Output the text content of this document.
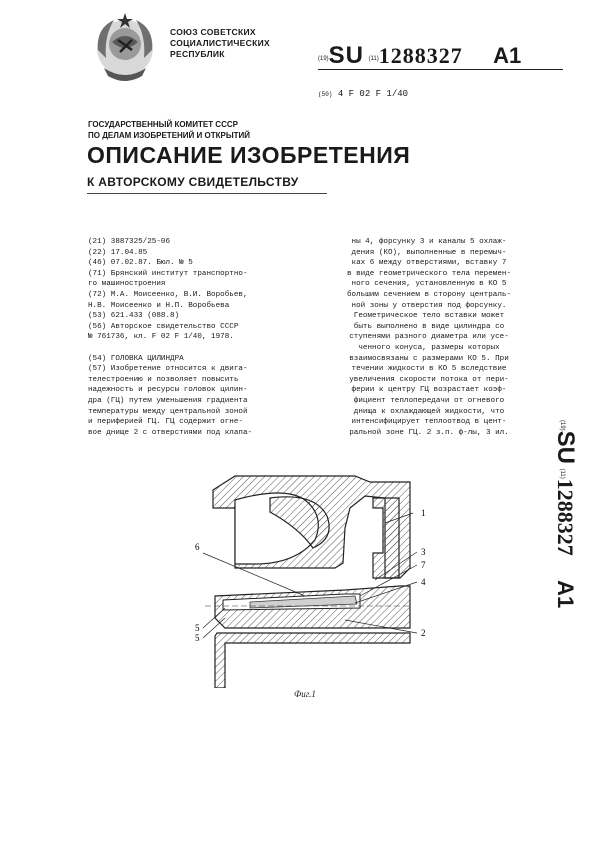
СОЮЗ СОВЕТСКИХ
СОЦИАЛИСТИЧЕСКИХ
РЕСПУБЛИК	(19)SU (11)1288327 A1
(50) 4 F 02 F 1/40
ГОСУДАРСТВЕННЫЙ КОМИТЕТ СССР
ПО ДЕЛАМ ИЗОБРЕТЕНИЙ И ОТКРЫТИЙ
ОПИСАНИЕ ИЗОБРЕТЕНИЯ
К АВТОРСКОМУ СВИДЕТЕЛЬСТВУ
(21) 3887325/25-06
(22) 17.04.85
(46) 07.02.87. Бюл. № 5
(71) Брянский институт транспортно-
го машиностроения
(72) М.А. Моисеенко, В.И. Воробьев,
Н.В. Моисеенко и Н.П. Воробьева
(53) 621.433 (088.8)
(56) Авторское свидетельство СССР
№ 761736, кл. F 02 F 1/40, 1978.
(54) ГОЛОВКА ЦИЛИНДРА
(57) Изобретение относится к двига-
телестроению и позволяет повысить
надежность и ресурсы головок цилин-
дра (ГЦ) путем уменьшения градиента
температуры между центральной зоной
и периферией ГЦ. ГЦ содержит огне-
вое днище 2 с отверстиями под клапа-
ны 4, форсунку 3 и каналы 5 охлаж-
дения (КО), выполненные в перемыч-
ках 6 между отверстиями, вставку 7
в виде геометрического тела перемен-
ного сечения, установленную в КО 5
большим сечением в сторону централь-
ной зоны у отверстия под форсунку.
Геометрическое тело вставки может
быть выполнено в виде цилиндра со
ступенями разного диаметра или усе-
ченного конуса, размеры которых
взаимосвязаны с размерами КО 5. При
течении жидкости в КО 5 вследствие
увеличения скорости потока от пери-
ферии к центру ГЦ возрастает коэф-
фициент теплопередачи от огневого
днища к охлаждающей жидкости, что
интенсифицирует теплоотвод в цент-
ральной зоне ГЦ. 2 з.п. ф-лы, 3 ил.
(19)SU (11)1288327 A1
1
3
7
4
2
6
5
5
Фиг.1
